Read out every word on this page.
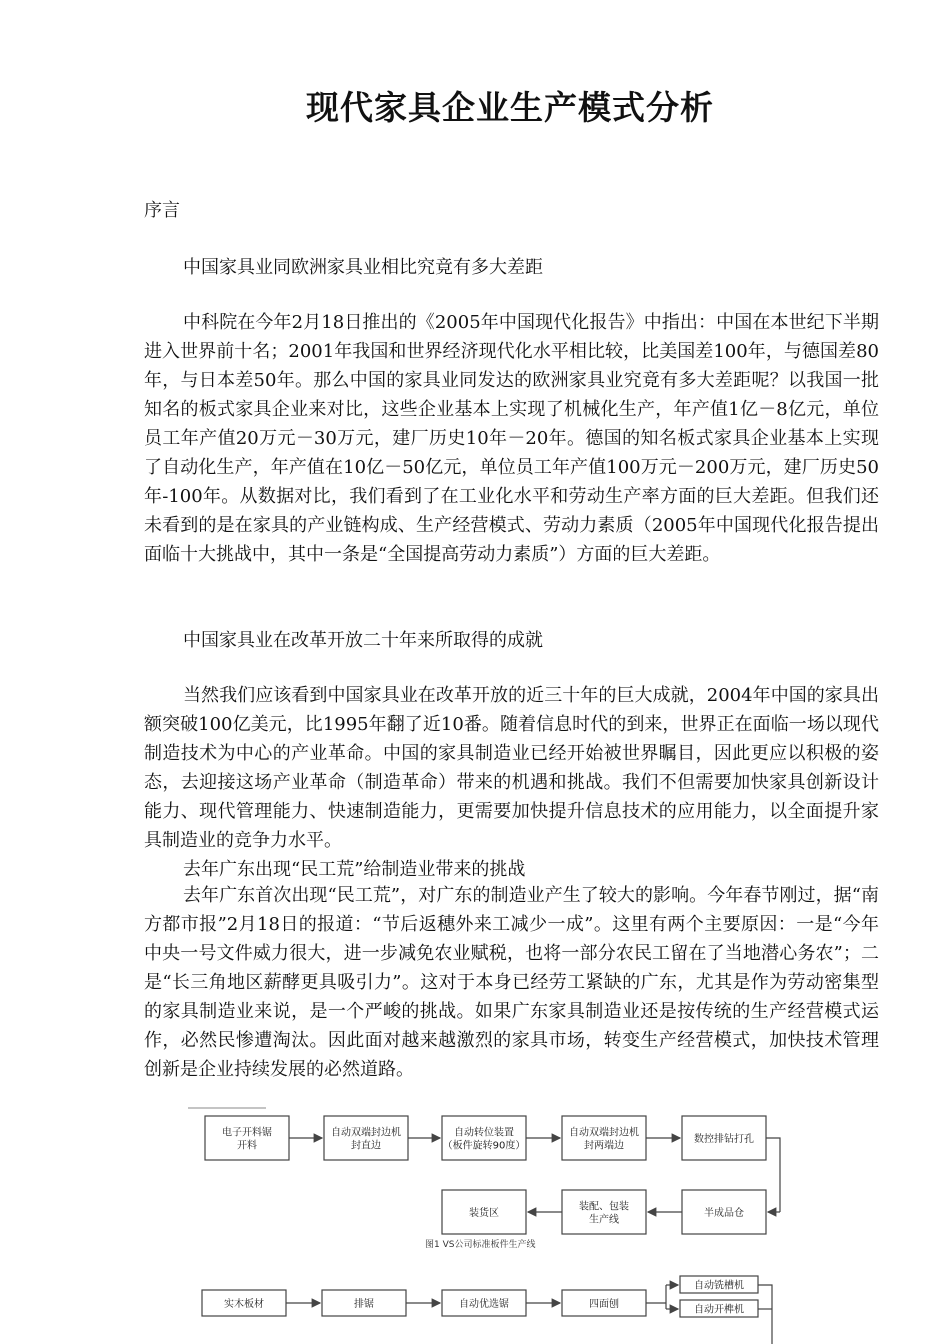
现代家具企业生产模式分析
序言
中国家具业同欧洲家具业相比究竟有多大差距
中科院在今年2月18日推出的《2005年中国现代化报告》中指出：中国在本世纪下半期进入世界前十名；2001年我国和世界经济现代化水平相比较，比美国差100年，与德国差80年，与日本差50年。那么中国的家具业同发达的欧洲家具业究竟有多大差距呢？以我国一批知名的板式家具企业来对比，这些企业基本上实现了机械化生产，年产值1亿－8亿元，单位员工年产值20万元－30万元，建厂历史10年－20年。德国的知名板式家具企业基本上实现了自动化生产，年产值在10亿－50亿元，单位员工年产值100万元－200万元，建厂历史50年-100年。从数据对比，我们看到了在工业化水平和劳动生产率方面的巨大差距。但我们还未看到的是在家具的产业链构成、生产经营模式、劳动力素质（2005年中国现代化报告提出面临十大挑战中，其中一条是“全国提高劳动力素质”）方面的巨大差距。
中国家具业在改革开放二十年来所取得的成就
当然我们应该看到中国家具业在改革开放的近三十年的巨大成就，2004年中国的家具出额突破100亿美元，比1995年翻了近10番。随着信息时代的到来，世界正在面临一场以现代制造技术为中心的产业革命。中国的家具制造业已经开始被世界瞩目，因此更应以积极的姿态，去迎接这场产业革命（制造革命）带来的机遇和挑战。我们不但需要加快家具创新设计能力、现代管理能力、快速制造能力，更需要加快提升信息技术的应用能力，以全面提升家具制造业的竞争力水平。
去年广东出现“民工荒”给制造业带来的挑战
去年广东首次出现“民工荒”，对广东的制造业产生了较大的影响。今年春节刚过，据“南方都市报”2月18日的报道：“节后返穗外来工减少一成”。这里有两个主要原因：一是“今年中央一号文件威力很大，进一步减免农业赋税，也将一部分农民工留在了当地潜心务农”；二是“长三角地区薪酵更具吸引力”。这对于本身已经劳工紧缺的广东，尤其是作为劳动密集型的家具制造业来说，是一个严峻的挑战。如果广东家具制造业还是按传统的生产经营模式运作，必然民惨遭淘汰。因此面对越来越激烈的家具市场，转变生产经营模式，加快技术管理创新是企业持续发展的必然道路。
电子开料锯
开料
自动双端封边机
封直边
自动转位装置
（板件旋转90度）
自动双端封边机
封两端边
数控排钻打孔
装货区
装配、包装
生产线
半成品仓
图1 VS公司标准板件生产线
实木板材	排锯	自动优选锯	四面刨
自动铣槽机
自动开榫机
